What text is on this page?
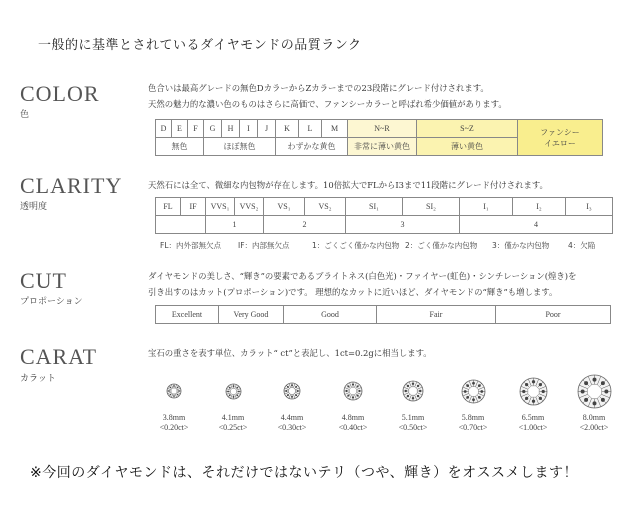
一般的に基準とされているダイヤモンドの品質ランク
COLOR
色
色合いは最高グレードの無色DカラーからZカラーまでの23段階にグレード付けされます。
天然の魅力的な濃い色のものはさらに高価で、ファンシーカラーと呼ばれ希少価値があります。
D	E	F	G	H	I	J	K	L	M	N~R	S~Z	ファンシー
イエロー

無色			ほぼ無色				わずかな黄色			非常に薄い黄色	薄い黄色	
CLARITY
透明度
天然石には全て、微細な内包物が存在します。10倍拡大でFLからI3まで11段階にグレード付けされます。
FL	IF	VVS₁	VVS₂	VS₁	VS₂	SI₁	SI₂	I₁	I₂	I₃
		1		2		3		4		
FL：内外部無欠点 IF：内部無欠点	1：ごくごく僅かな内包物 2：ごく僅かな内包物 3：僅かな内包物 4：欠陥
CUT
プロポーション
ダイヤモンドの美しさ、“輝き”の要素であるブライトネス(白色光)・ファイヤー(虹色)・シンチレーション(煌き)を
引き出すのはカット(プロポーション)です。 理想的なカットに近いほど、ダイヤモンドの“輝き”も増します。
Excellent	Very Good	Good	Fair	Poor
CARAT
カラット
宝石の重さを表す単位、カラット“ ct”と表記し、1ct=0.2gに相当します。
3.8mm
<0.20ct>
4.1mm
<0.25ct>
4.4mm
<0.30ct>
4.8mm
<0.40ct>
5.1mm
<0.50ct>
5.8mm
<0.70ct>
6.5mm
<1.00ct>
8.0mm
<2.00ct>
※今回のダイヤモンドは、それだけではないテリ（つや、輝き）をオススメします！
